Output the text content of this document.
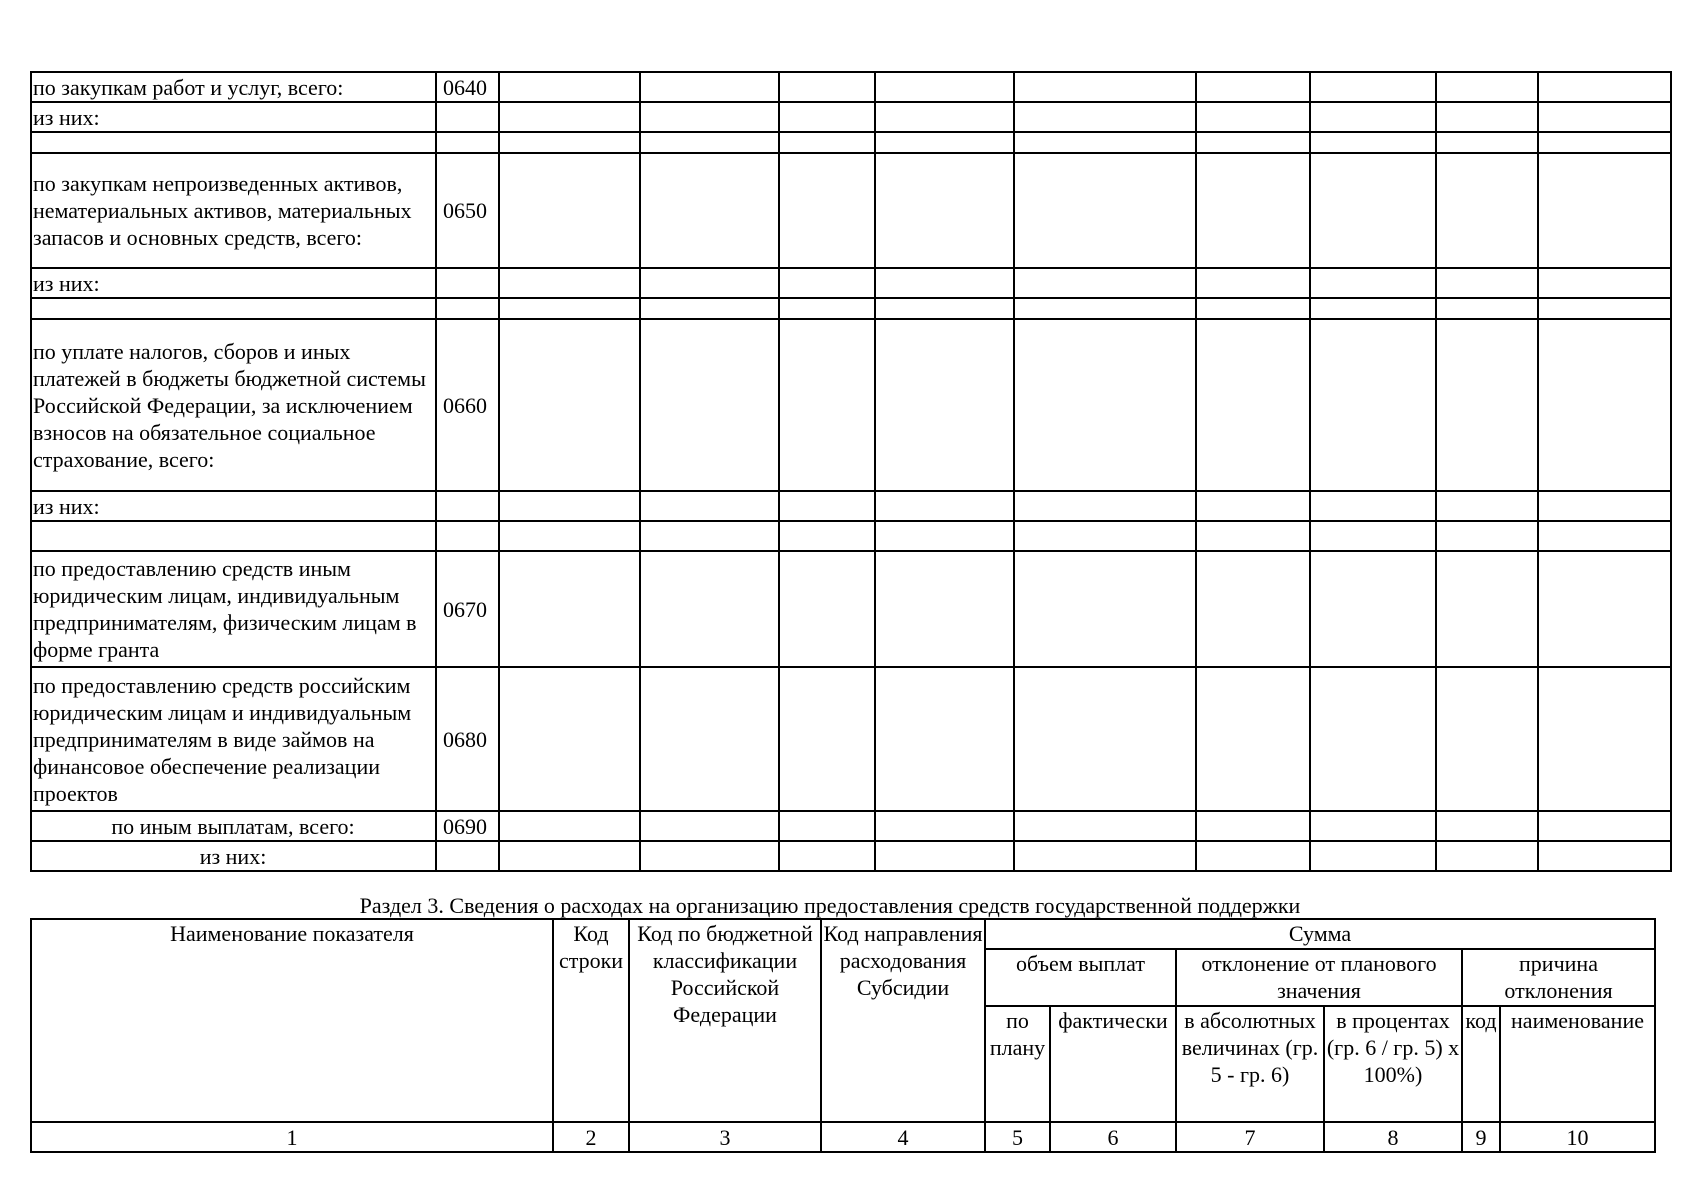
по закупкам работ и услуг, всего:	0640									
из них:										

по закупкам непроизведенных активов, нематериальных активов, материальных запасов и основных средств, всего:	0650									
из них:										

по уплате налогов, сборов и иных платежей в бюджеты бюджетной системы Российской Федерации, за исключением взносов на обязательное социальное страхование, всего:	0660									
из них:										

по предоставлению средств иным юридическим лицам, индивидуальным предпринимателям, физическим лицам в форме гранта	0670									
по предоставлению средств российским юридическим лицам и индивидуальным предпринимателям в виде займов на финансовое обеспечение реализации проектов	0680									
по иным выплатам, всего:	0690									
из них:										
Раздел 3. Сведения о расходах на организацию предоставления средств государственной поддержки
Наименование показателя	Код строки	Код по бюджетной классификации Российской Федерации	Код направления расходования Субсидии	Сумма					
				объем выплат		отклонение от планового значения		причина отклонения	
				по плану	фактически	в абсолютных величинах (гр. 5 - гр. 6)	в процентах (гр. 6 / гр. 5) x 100%)	код	наименование
1	2	3	4	5	6	7	8	9	10
